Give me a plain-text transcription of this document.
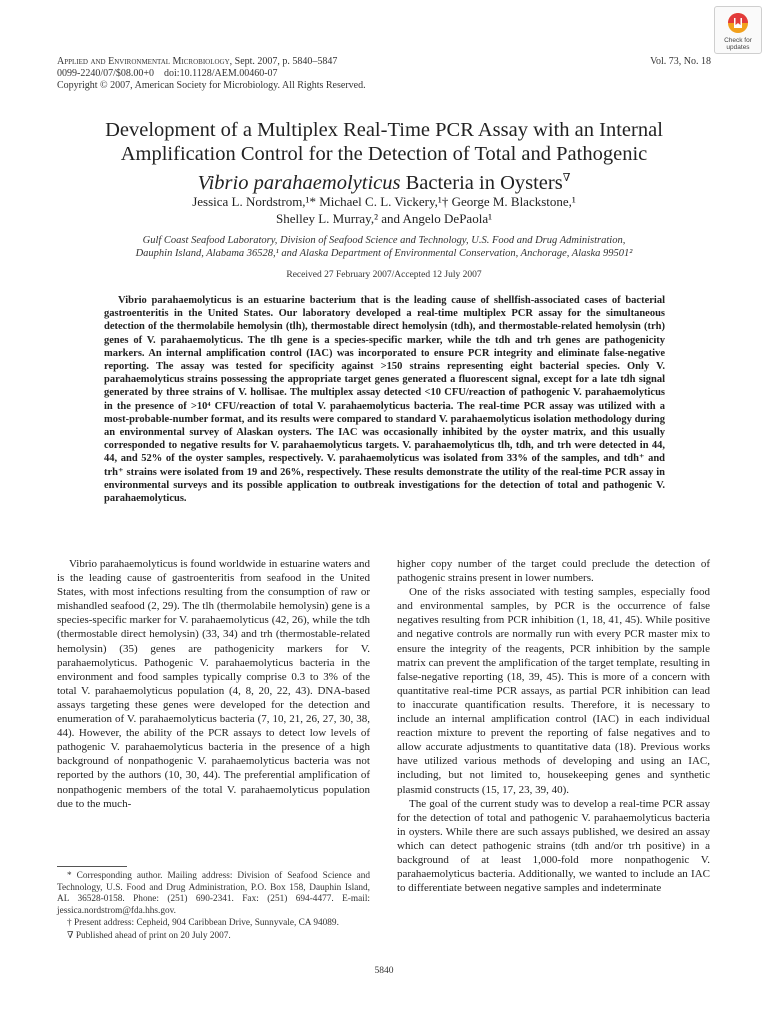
Applied and Environmental Microbiology, Sept. 2007, p. 5840–5847
0099-2240/07/$08.00+0    doi:10.1128/AEM.00460-07
Copyright © 2007, American Society for Microbiology. All Rights Reserved.
Vol. 73, No. 18
Check for
updates
Development of a Multiplex Real-Time PCR Assay with an Internal
Amplification Control for the Detection of Total and Pathogenic
Vibrio parahaemolyticus Bacteria in Oysters∇
Jessica L. Nordstrom,¹* Michael C. L. Vickery,¹† George M. Blackstone,¹
Shelley L. Murray,² and Angelo DePaola¹
Gulf Coast Seafood Laboratory, Division of Seafood Science and Technology, U.S. Food and Drug Administration,
Dauphin Island, Alabama 36528,¹ and Alaska Department of Environmental Conservation, Anchorage, Alaska 99501²
Received 27 February 2007/Accepted 12 July 2007
Vibrio parahaemolyticus is an estuarine bacterium that is the leading cause of shellfish-associated cases of bacterial gastroenteritis in the United States. Our laboratory developed a real-time multiplex PCR assay for the simultaneous detection of the thermolabile hemolysin (tlh), thermostable direct hemolysin (tdh), and thermostable-related hemolysin (trh) genes of V. parahaemolyticus. The tlh gene is a species-specific marker, while the tdh and trh genes are pathogenicity markers. An internal amplification control (IAC) was incorporated to ensure PCR integrity and eliminate false-negative reporting. The assay was tested for specificity against >150 strains representing eight bacterial species. Only V. parahaemolyticus strains possessing the appropriate target genes generated a fluorescent signal, except for a late tdh signal generated by three strains of V. hollisae. The multiplex assay detected <10 CFU/reaction of pathogenic V. parahaemolyticus in the presence of >10⁴ CFU/reaction of total V. parahaemolyticus bacteria. The real-time PCR assay was utilized with a most-probable-number format, and its results were compared to standard V. parahaemolyticus isolation methodology during an environmental survey of Alaskan oysters. The IAC was occasionally inhibited by the oyster matrix, and this usually corresponded to negative results for V. parahaemolyticus targets. V. parahaemolyticus tlh, tdh, and trh were detected in 44, 44, and 52% of the oyster samples, respectively. V. parahaemolyticus was isolated from 33% of the samples, and tdh⁺ and trh⁺ strains were isolated from 19 and 26%, respectively. These results demonstrate the utility of the real-time PCR assay in environmental surveys and its possible application to outbreak investigations for the detection of total and pathogenic V. parahaemolyticus.

Vibrio parahaemolyticus is found worldwide in estuarine waters and is the leading cause of gastroenteritis from seafood in the United States, with most infections resulting from the consumption of raw or mishandled seafood (2, 29). The tlh (thermolabile hemolysin) gene is a species-specific marker for V. parahaemolyticus (42, 26), while the tdh (thermostable direct hemolysin) (33, 34) and trh (thermostable-related hemolysin) (35) genes are pathogenicity markers for V. parahaemolyticus. Pathogenic V. parahaemolyticus bacteria in the environment and food samples typically comprise 0.3 to 3% of the total V. parahaemolyticus population (4, 8, 20, 22, 43). DNA-based assays targeting these genes were developed for the detection and enumeration of V. parahaemolyticus bacteria (7, 10, 21, 26, 27, 30, 38, 44). However, the ability of the PCR assays to detect low levels of pathogenic V. parahaemolyticus bacteria in the presence of a high background of nonpathogenic V. parahaemolyticus bacteria was not reported by the authors (10, 30, 44). The preferential amplification of nonpathogenic members of the total V. parahaemolyticus population due to the much-

higher copy number of the target could preclude the detection of pathogenic strains present in lower numbers.

One of the risks associated with testing samples, especially food and environmental samples, by PCR is the occurrence of false negatives resulting from PCR inhibition (1, 18, 41, 45). While positive and negative controls are normally run with every PCR master mix to ensure the integrity of the reagents, PCR inhibition by the sample matrix can prevent the amplification of the target template, resulting in false-negative reporting (18, 39, 45). This is more of a concern with quantitative real-time PCR assays, as partial PCR inhibition can lead to inaccurate quantification results. Therefore, it is necessary to include an internal amplification control (IAC) in each individual reaction mixture to prevent the reporting of false negatives and to allow accurate adjustments to quantitative data (18). Previous works have utilized various methods of developing and using an IAC, including, but not limited to, housekeeping genes and synthetic plasmid constructs (15, 17, 23, 39, 40).

The goal of the current study was to develop a real-time PCR assay for the detection of total and pathogenic V. parahaemolyticus bacteria in oysters. While there are such assays published, we desired an assay which can detect pathogenic strains (tdh and/or trh positive) in a background of at least 1,000-fold more nonpathogenic V. parahaemolyticus bacteria. Additionally, we wanted to include an IAC to differentiate between negative samples and indeterminate

* Corresponding author. Mailing address: Division of Seafood Science and Technology, U.S. Food and Drug Administration, P.O. Box 158, Dauphin Island, AL 36528-0158. Phone: (251) 690-2341. Fax: (251) 694-4477. E-mail: jessica.nordstrom@fda.hhs.gov.

† Present address: Cepheid, 904 Caribbean Drive, Sunnyvale, CA 94089.

∇ Published ahead of print on 20 July 2007.

5840
